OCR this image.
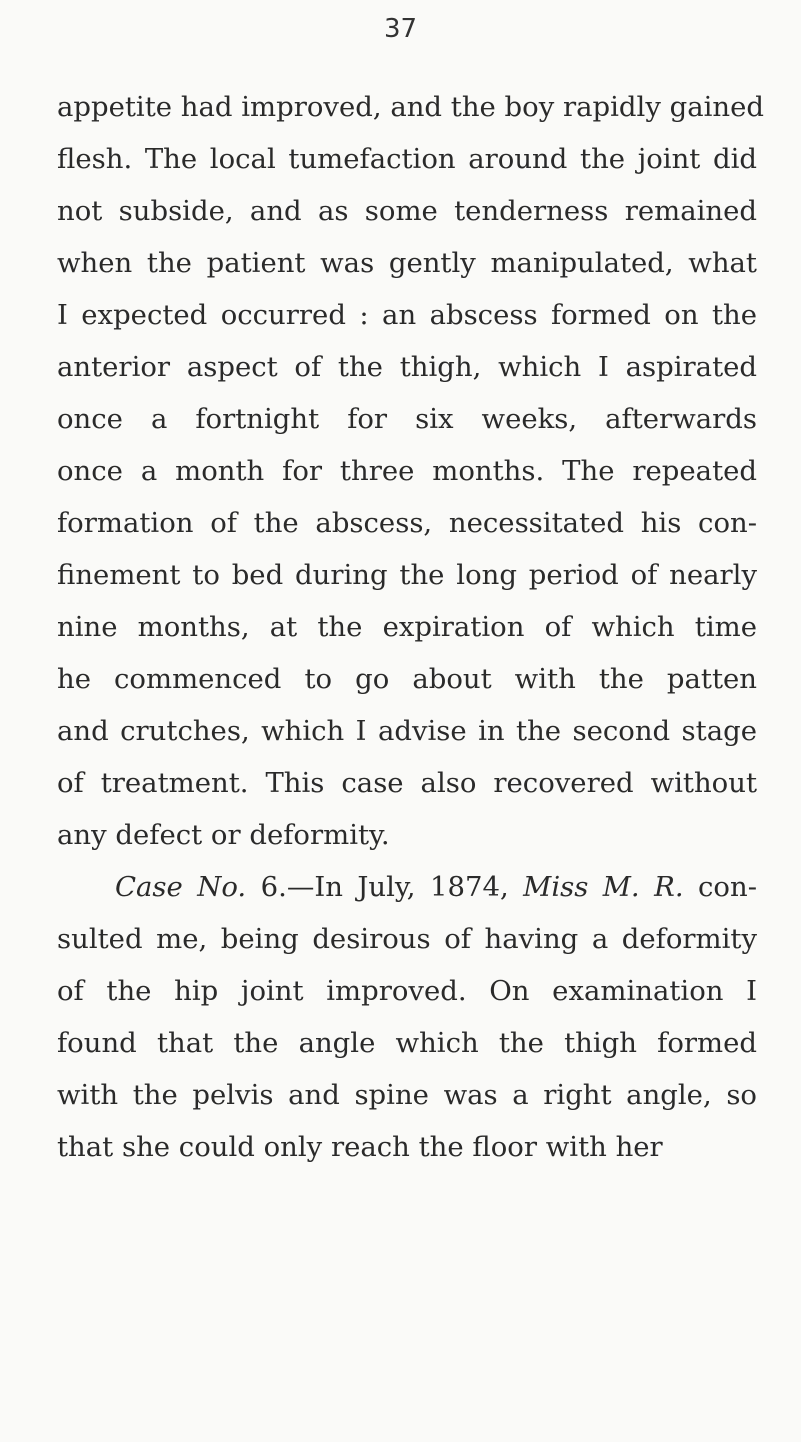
37
appetite had improved, and the boy rapidly gained
flesh. The local tumefaction around the joint did
not subside, and as some tenderness remained
when the patient was gently manipulated, what
I expected occurred : an abscess formed on the
anterior aspect of the thigh, which I aspirated
once a fortnight for six weeks, afterwards
once a month for three months. The repeated
formation of the abscess, necessitated his con-
finement to bed during the long period of nearly
nine months, at the expiration of which time
he commenced to go about with the patten
and crutches, which I advise in the second stage
of treatment. This case also recovered without
any defect or deformity.
Case No. 6.—In July, 1874, Miss M. R. con-
sulted me, being desirous of having a deformity
of the hip joint improved. On examination I
found that the angle which the thigh formed
with the pelvis and spine was a right angle, so
that she could only reach the floor with her
